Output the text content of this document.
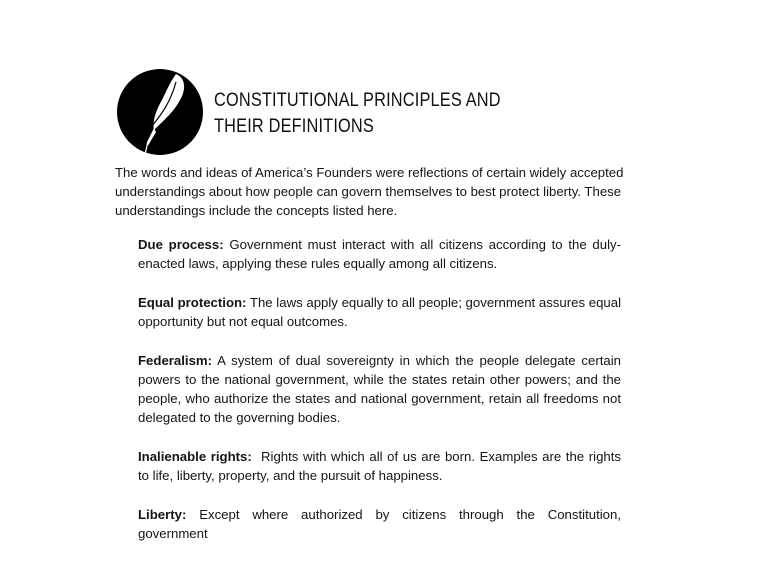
CONSTITUTIONAL PRINCIPLES AND
THEIR DEFINITIONS
The words and ideas of America’s Founders were reflections of certain widely accepted understandings about how people can govern themselves to best protect liberty. These understandings include the concepts listed here.
Due process: Government must interact with all citizens according to the duly-enacted laws, applying these rules equally among all citizens.
Equal protection: The laws apply equally to all people; government assures equal opportunity but not equal outcomes.
Federalism: A system of dual sovereignty in which the people delegate certain powers to the national government, while the states retain other powers; and the people, who authorize the states and national government, retain all freedoms not delegated to the governing bodies.
Inalienable rights:  Rights with which all of us are born. Examples are the rights to life, liberty, property, and the pursuit of happiness.
Liberty: Except where authorized by citizens through the Constitution, government
